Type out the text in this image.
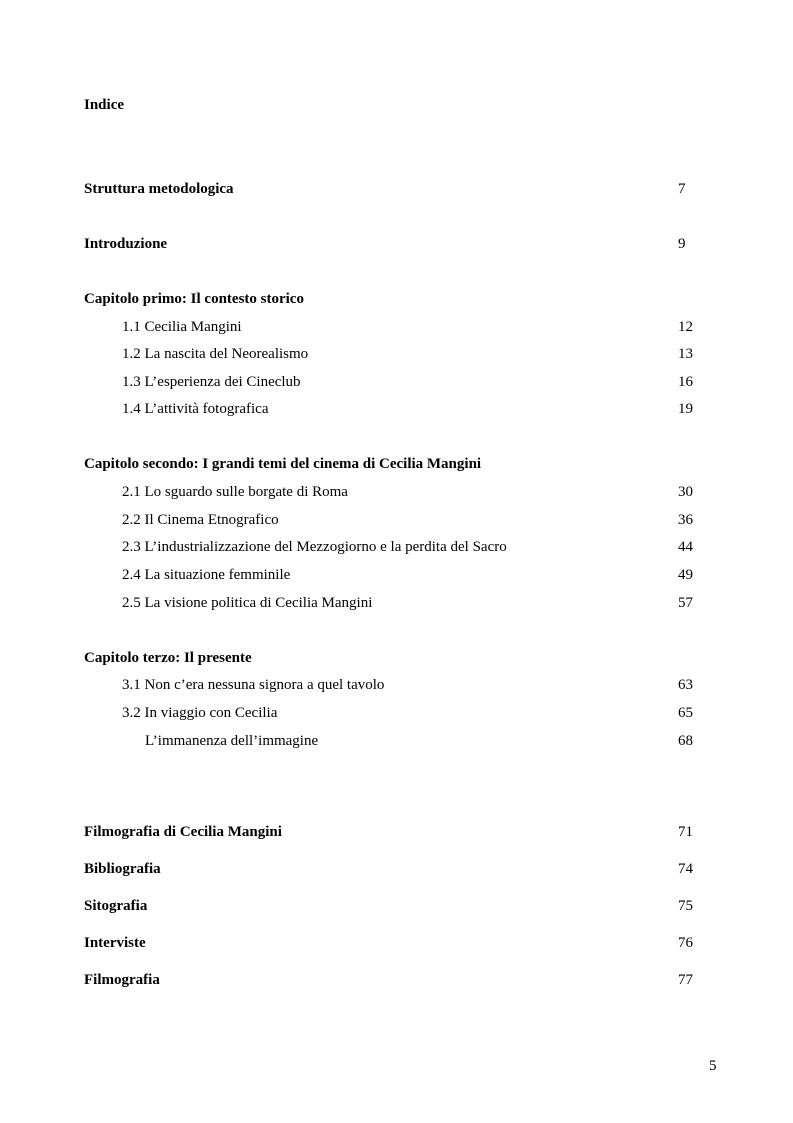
Indice
Struttura metodologica	7
Introduzione	9
Capitolo primo: Il contesto storico
1.1 Cecilia Mangini	12
1.2 La nascita del Neorealismo	13
1.3 L’esperienza dei Cineclub	16
1.4 L’attività fotografica	19
Capitolo secondo: I grandi temi del cinema di Cecilia Mangini
2.1 Lo sguardo sulle borgate di Roma	30
2.2 Il Cinema Etnografico	36
2.3 L’industrializzazione del Mezzogiorno e la perdita del Sacro	44
2.4 La situazione femminile	49
2.5 La visione politica di Cecilia Mangini	57
Capitolo terzo: Il presente
3.1 Non c’era nessuna signora a quel tavolo	63
3.2 In viaggio con Cecilia	65
L’immanenza dell’immagine	68
Filmografia di Cecilia Mangini	71
Bibliografia	74
Sitografia	75
Interviste	76
Filmografia	77
5
